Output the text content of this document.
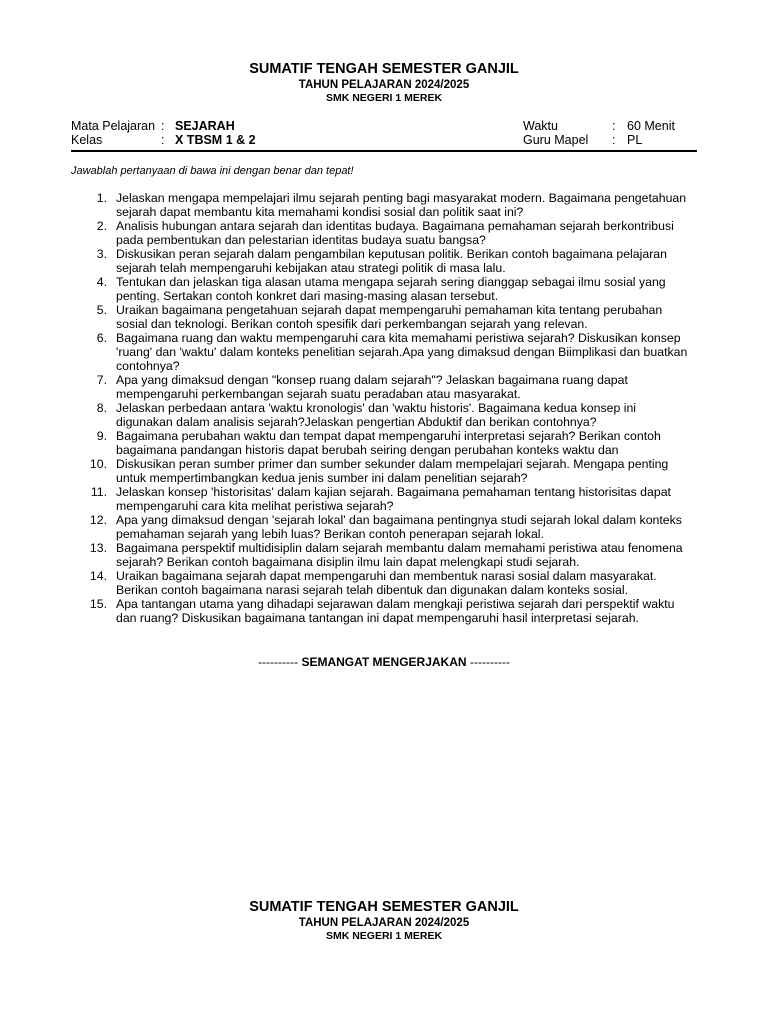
SUMATIF TENGAH SEMESTER GANJIL
TAHUN PELAJARAN 2024/2025
SMK NEGERI 1 MEREK
Mata Pelajaran : SEJARAH	Waktu	: 60 Menit
Kelas	: X TBSM 1 & 2	Guru Mapel : PL
Jawablah pertanyaan di bawa ini dengan benar dan tepat!
1. Jelaskan mengapa mempelajari ilmu sejarah penting bagi masyarakat modern. Bagaimana pengetahuan
sejarah dapat membantu kita memahami kondisi sosial dan politik saat ini?
2. Analisis hubungan antara sejarah dan identitas budaya. Bagaimana pemahaman sejarah berkontribusi
pada pembentukan dan pelestarian identitas budaya suatu bangsa?
3. Diskusikan peran sejarah dalam pengambilan keputusan politik. Berikan contoh bagaimana pelajaran
sejarah telah mempengaruhi kebijakan atau strategi politik di masa lalu.
4. Tentukan dan jelaskan tiga alasan utama mengapa sejarah sering dianggap sebagai ilmu sosial yang
penting. Sertakan contoh konkret dari masing-masing alasan tersebut.
5. Uraikan bagaimana pengetahuan sejarah dapat mempengaruhi pemahaman kita tentang perubahan
sosial dan teknologi. Berikan contoh spesifik dari perkembangan sejarah yang relevan.
6. Bagaimana ruang dan waktu mempengaruhi cara kita memahami peristiwa sejarah? Diskusikan konsep
'ruang' dan 'waktu' dalam konteks penelitian sejarah.Apa yang dimaksud dengan Biimplikasi dan buatkan
contohnya?
7. Apa yang dimaksud dengan "konsep ruang dalam sejarah"? Jelaskan bagaimana ruang dapat
mempengaruhi perkembangan sejarah suatu peradaban atau masyarakat.
8. Jelaskan perbedaan antara 'waktu kronologis' dan 'waktu historis'. Bagaimana kedua konsep ini
digunakan dalam analisis sejarah?Jelaskan pengertian Abduktif dan berikan contohnya?
9. Bagaimana perubahan waktu dan tempat dapat mempengaruhi interpretasi sejarah? Berikan contoh
bagaimana pandangan historis dapat berubah seiring dengan perubahan konteks waktu dan
10. Diskusikan peran sumber primer dan sumber sekunder dalam mempelajari sejarah. Mengapa penting
untuk mempertimbangkan kedua jenis sumber ini dalam penelitian sejarah?
11. Jelaskan konsep 'historisitas' dalam kajian sejarah. Bagaimana pemahaman tentang historisitas dapat
mempengaruhi cara kita melihat peristiwa sejarah?
12. Apa yang dimaksud dengan 'sejarah lokal' dan bagaimana pentingnya studi sejarah lokal dalam konteks
pemahaman sejarah yang lebih luas? Berikan contoh penerapan sejarah lokal.
13. Bagaimana perspektif multidisiplin dalam sejarah membantu dalam memahami peristiwa atau fenomena
sejarah? Berikan contoh bagaimana disiplin ilmu lain dapat melengkapi studi sejarah.
14. Uraikan bagaimana sejarah dapat mempengaruhi dan membentuk narasi sosial dalam masyarakat.
Berikan contoh bagaimana narasi sejarah telah dibentuk dan digunakan dalam konteks sosial.
15. Apa tantangan utama yang dihadapi sejarawan dalam mengkaji peristiwa sejarah dari perspektif waktu
dan ruang? Diskusikan bagaimana tantangan ini dapat mempengaruhi hasil interpretasi sejarah.
---------- SEMANGAT MENGERJAKAN ----------
SUMATIF TENGAH SEMESTER GANJIL
TAHUN PELAJARAN 2024/2025
SMK NEGERI 1 MEREK
